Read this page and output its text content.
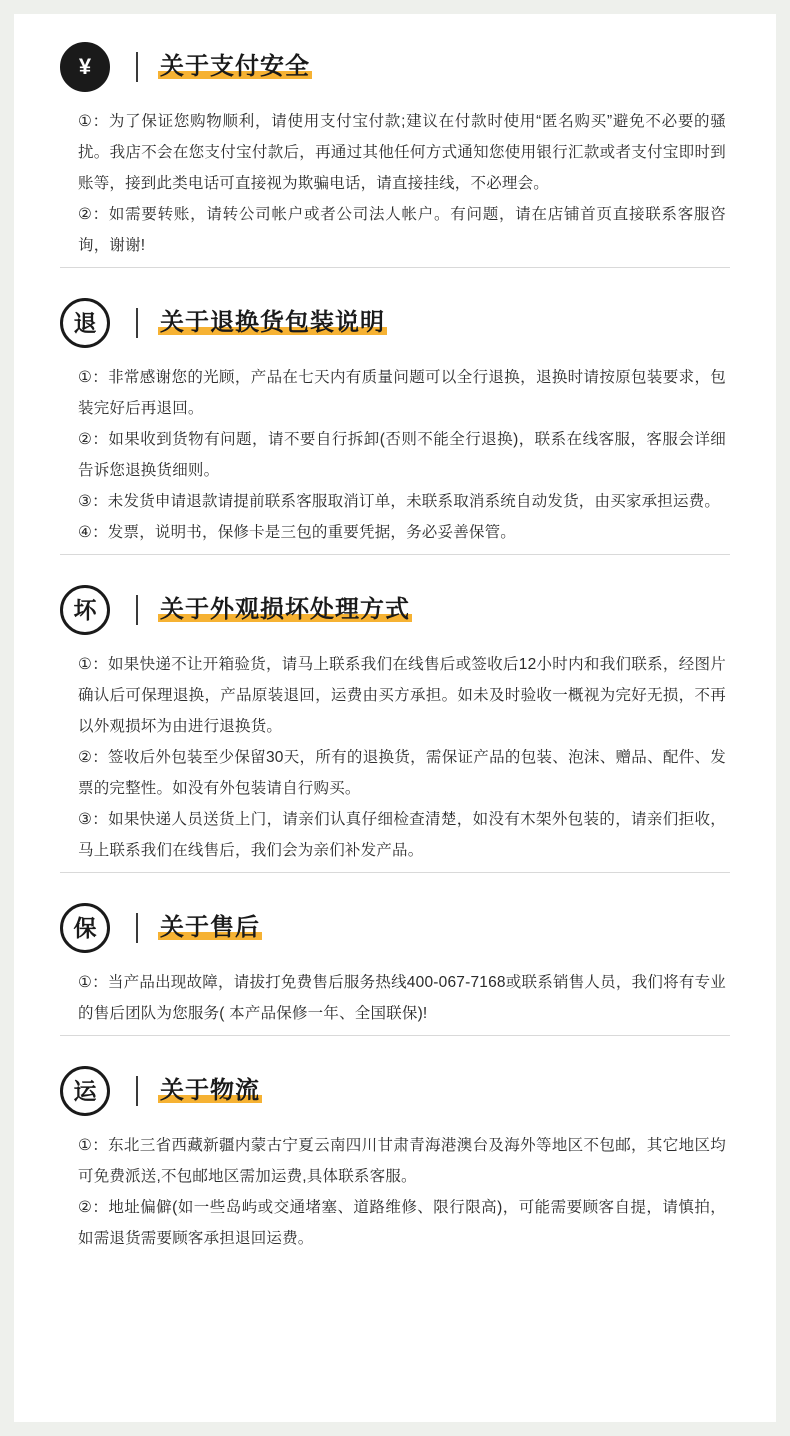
¥	关于支付安全
①：为了保证您购物顺利，请使用支付宝付款;建议在付款时使用“匿名购买”避免不必要的骚扰。我店不会在您支付宝付款后，再通过其他任何方式通知您使用银行汇款或者支付宝即时到账等，接到此类电话可直接视为欺骗电话，请直接挂线，不必理会。
②：如需要转账，请转公司帐户或者公司法人帐户。有问题，请在店铺首页直接联系客服咨询，谢谢!
退	关于退换货包装说明
①：非常感谢您的光顾，产品在七天内有质量问题可以全行退换，退换时请按原包装要求，包装完好后再退回。
②：如果收到货物有问题，请不要自行拆卸(否则不能全行退换)，联系在线客服，客服会详细告诉您退换货细则。
③：未发货申请退款请提前联系客服取消订单，未联系取消系统自动发货，由买家承担运费。
④：发票，说明书，保修卡是三包的重要凭据，务必妥善保管。
坏	关于外观损坏处理方式
①：如果快递不让开箱验货，请马上联系我们在线售后或签收后12小时内和我们联系，经图片确认后可保理退换，产品原装退回，运费由买方承担。如未及时验收一概视为完好无损，不再以外观损坏为由进行退换货。
②：签收后外包装至少保留30天，所有的退换货，需保证产品的包装、泡沫、赠品、配件、发票的完整性。如没有外包装请自行购买。
③：如果快递人员送货上门，请亲们认真仔细检查清楚，如没有木架外包装的，请亲们拒收，马上联系我们在线售后，我们会为亲们补发产品。
保	关于售后
①：当产品出现故障，请拔打免费售后服务热线400-067-7168或联系销售人员，我们将有专业的售后团队为您服务( 本产品保修一年、全国联保)!
运	关于物流
①：东北三省西藏新疆内蒙古宁夏云南四川甘肃青海港澳台及海外等地区不包邮，其它地区均可免费派送,不包邮地区需加运费,具体联系客服。
②：地址偏僻(如一些岛屿或交通堵塞、道路维修、限行限高)，可能需要顾客自提，请慎拍，如需退货需要顾客承担退回运费。
